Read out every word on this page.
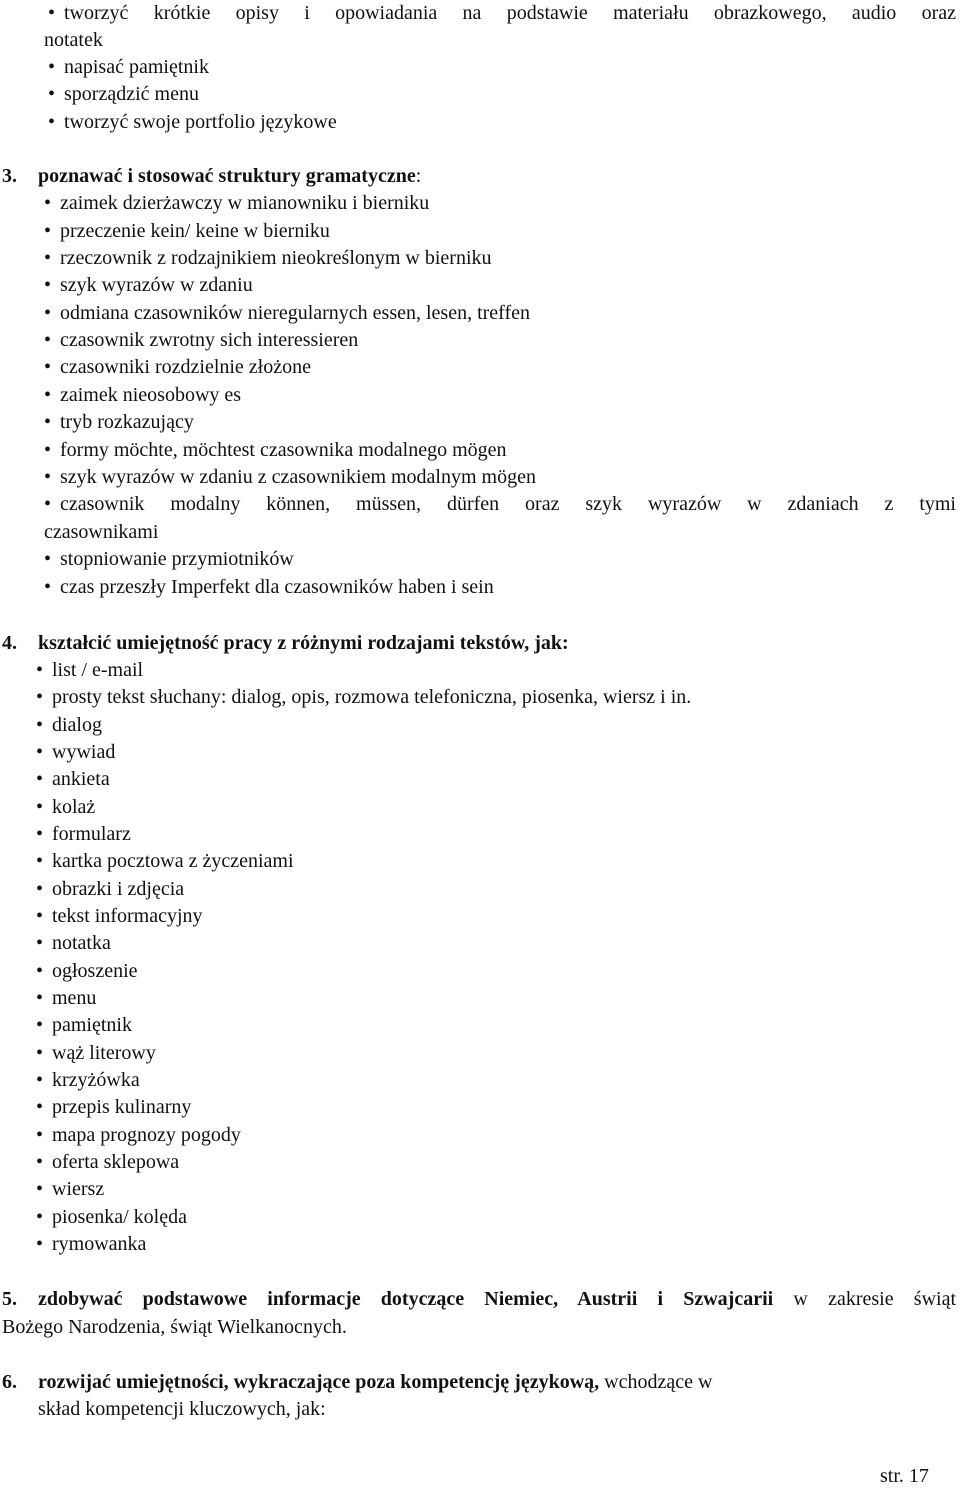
• tworzyć krótkie opisy i opowiadania na podstawie materiału obrazkowego, audio oraz
notatek
• napisać pamiętnik
• sporządzić menu
• tworzyć swoje portfolio językowe
3. poznawać i stosować struktury gramatyczne:
• zaimek dzierżawczy w mianowniku i bierniku
• przeczenie kein/ keine w bierniku
• rzeczownik z rodzajnikiem nieokreślonym w bierniku
• szyk wyrazów w zdaniu
• odmiana czasowników nieregularnych essen, lesen, treffen
• czasownik zwrotny sich interessieren
• czasowniki rozdzielnie złożone
• zaimek nieosobowy es
• tryb rozkazujący
• formy möchte, möchtest czasownika modalnego mögen
• szyk wyrazów w zdaniu z czasownikiem modalnym mögen
• czasownik modalny können, müssen, dürfen oraz szyk wyrazów w zdaniach z tymi
czasownikami
• stopniowanie przymiotników
• czas przeszły Imperfekt dla czasowników haben i sein
4. kształcić umiejętność pracy z różnymi rodzajami tekstów, jak:
• list / e-mail
• prosty tekst słuchany: dialog, opis, rozmowa telefoniczna, piosenka, wiersz i in.
• dialog
• wywiad
• ankieta
• kolaż
• formularz
• kartka pocztowa z życzeniami
• obrazki i zdjęcia
• tekst informacyjny
• notatka
• ogłoszenie
• menu
• pamiętnik
• wąż literowy
• krzyżówka
• przepis kulinarny
• mapa prognozy pogody
• oferta sklepowa
• wiersz
• piosenka/ kolęda
• rymowanka
5. zdobywać podstawowe informacje dotyczące Niemiec, Austrii i Szwajcarii w zakresie świąt
Bożego Narodzenia, świąt Wielkanocnych.
6. rozwijać umiejętności, wykraczające poza kompetencję językową, wchodzące w
skład kompetencji kluczowych, jak:
str. 17
